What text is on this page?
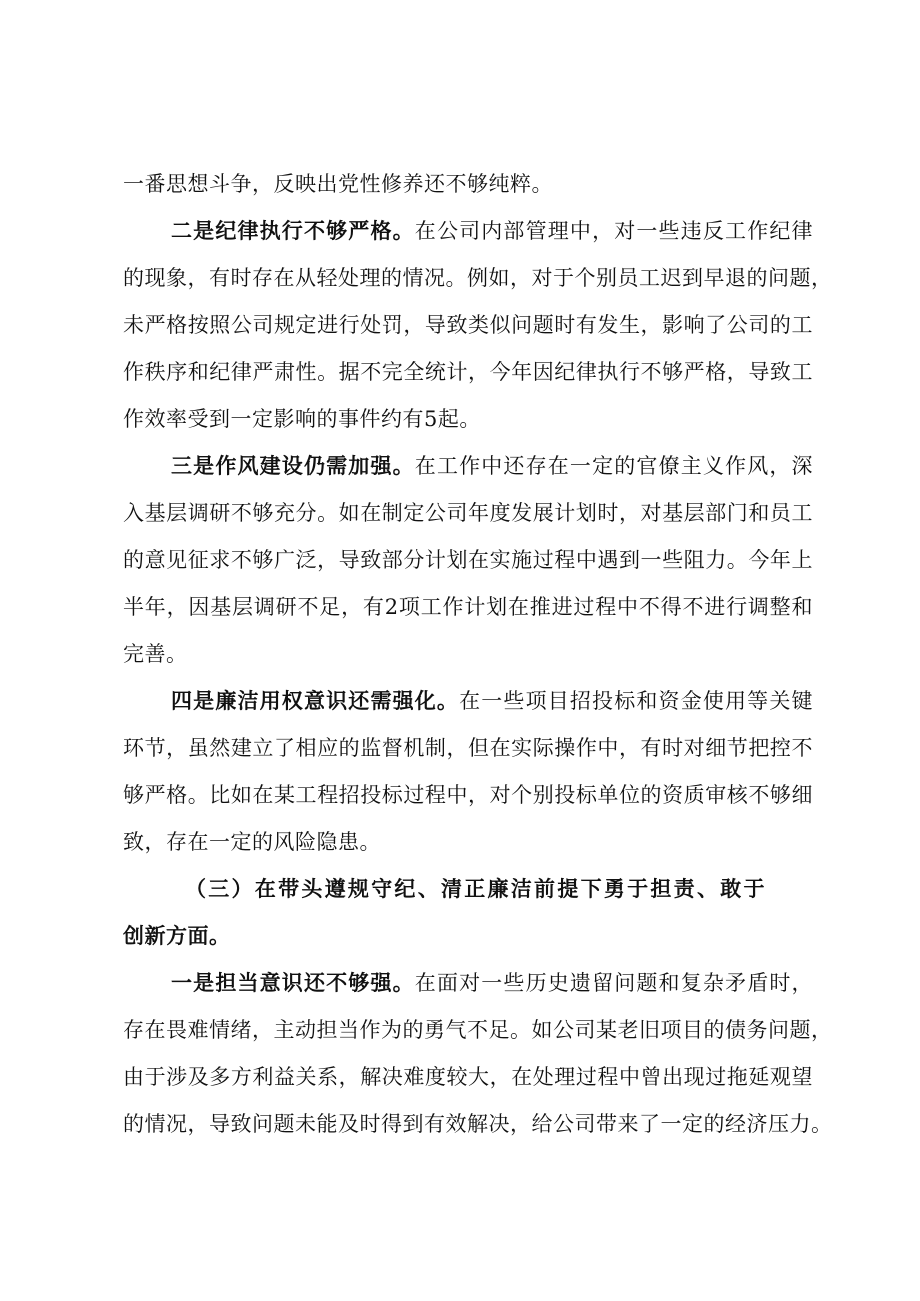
一番思想斗争，反映出党性修养还不够纯粹。
二是纪律执行不够严格。在公司内部管理中，对一些违反工作纪律
的现象，有时存在从轻处理的情况。例如，对于个别员工迟到早退的问题，
未严格按照公司规定进行处罚，导致类似问题时有发生，影响了公司的工
作秩序和纪律严肃性。据不完全统计，今年因纪律执行不够严格，导致工
作效率受到一定影响的事件约有5起。
三是作风建设仍需加强。在工作中还存在一定的官僚主义作风，深
入基层调研不够充分。如在制定公司年度发展计划时，对基层部门和员工
的意见征求不够广泛，导致部分计划在实施过程中遇到一些阻力。今年上
半年，因基层调研不足，有2项工作计划在推进过程中不得不进行调整和
完善。
四是廉洁用权意识还需强化。在一些项目招投标和资金使用等关键
环节，虽然建立了相应的监督机制，但在实际操作中，有时对细节把控不
够严格。比如在某工程招投标过程中，对个别投标单位的资质审核不够细
致，存在一定的风险隐患。
（三）在带头遵规守纪、清正廉洁前提下勇于担责、敢于
创新方面。
一是担当意识还不够强。在面对一些历史遗留问题和复杂矛盾时，
存在畏难情绪，主动担当作为的勇气不足。如公司某老旧项目的债务问题，
由于涉及多方利益关系，解决难度较大，在处理过程中曾出现过拖延观望
的情况，导致问题未能及时得到有效解决，给公司带来了一定的经济压力。
